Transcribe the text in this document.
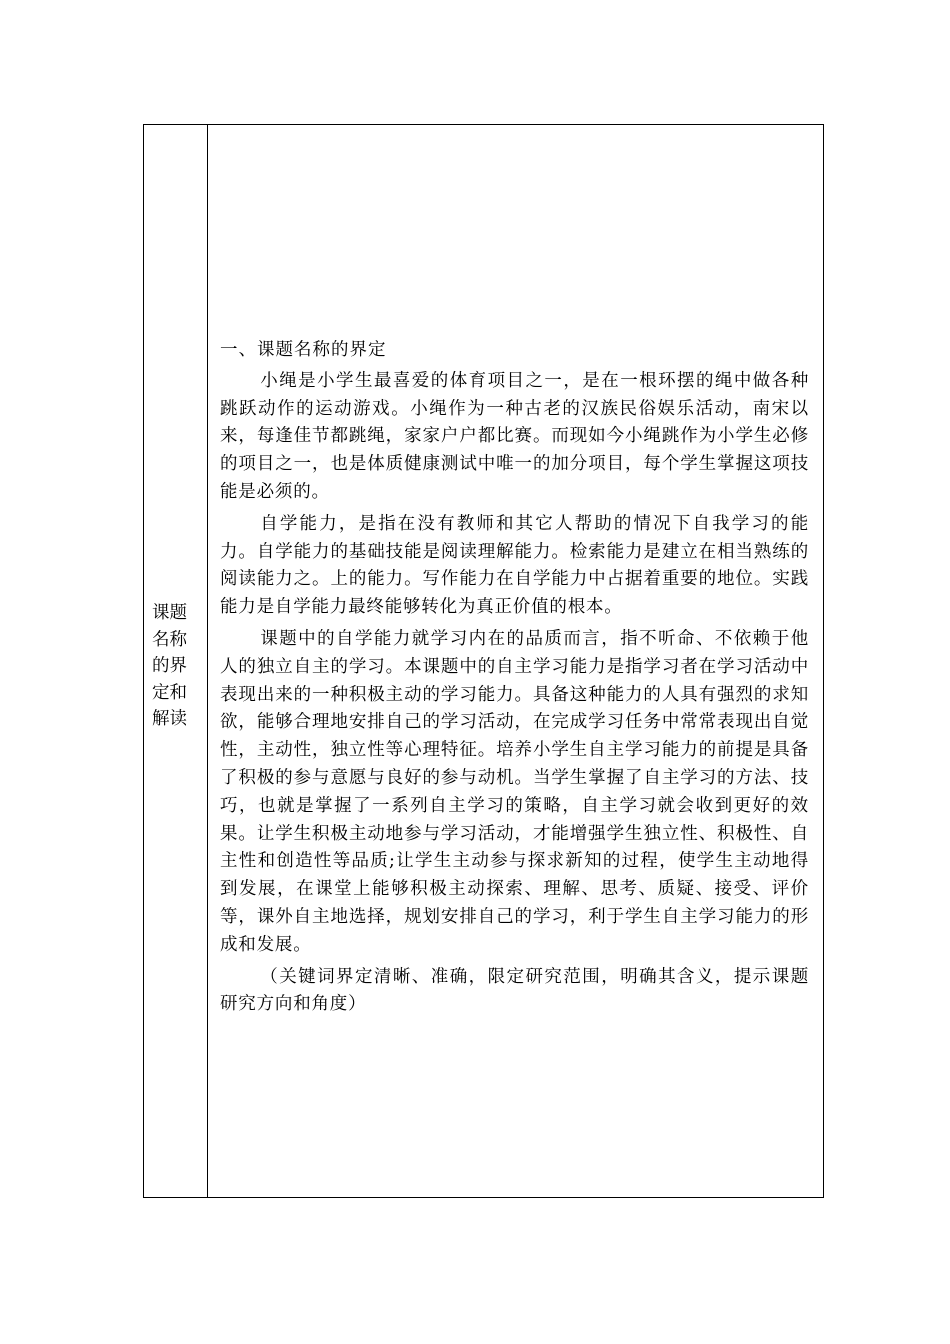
课题名称的界定和解读

一、课题名称的界定

小绳是小学生最喜爱的体育项目之一，是在一根环摆的绳中做各种跳跃动作的运动游戏。小绳作为一种古老的汉族民俗娱乐活动，南宋以来，每逢佳节都跳绳，家家户户都比赛。而现如今小绳跳作为小学生必修的项目之一，也是体质健康测试中唯一的加分项目，每个学生掌握这项技能是必须的。

自学能力，是指在没有教师和其它人帮助的情况下自我学习的能力。自学能力的基础技能是阅读理解能力。检索能力是建立在相当熟练的阅读能力之。上的能力。写作能力在自学能力中占据着重要的地位。实践能力是自学能力最终能够转化为真正价值的根本。

课题中的自学能力就学习内在的品质而言，指不听命、不依赖于他人的独立自主的学习。本课题中的自主学习能力是指学习者在学习活动中表现出来的一种积极主动的学习能力。具备这种能力的人具有强烈的求知欲，能够合理地安排自己的学习活动，在完成学习任务中常常表现出自觉性，主动性，独立性等心理特征。培养小学生自主学习能力的前提是具备了积极的参与意愿与良好的参与动机。当学生掌握了自主学习的方法、技巧，也就是掌握了一系列自主学习的策略，自主学习就会收到更好的效果。让学生积极主动地参与学习活动，才能增强学生独立性、积极性、自主性和创造性等品质;让学生主动参与探求新知的过程，使学生主动地得到发展，在课堂上能够积极主动探索、理解、思考、质疑、接受、评价等，课外自主地选择，规划安排自己的学习，利于学生自主学习能力的形成和发展。

（关键词界定清晰、准确，限定研究范围，明确其含义，提示课题研究方向和角度）
